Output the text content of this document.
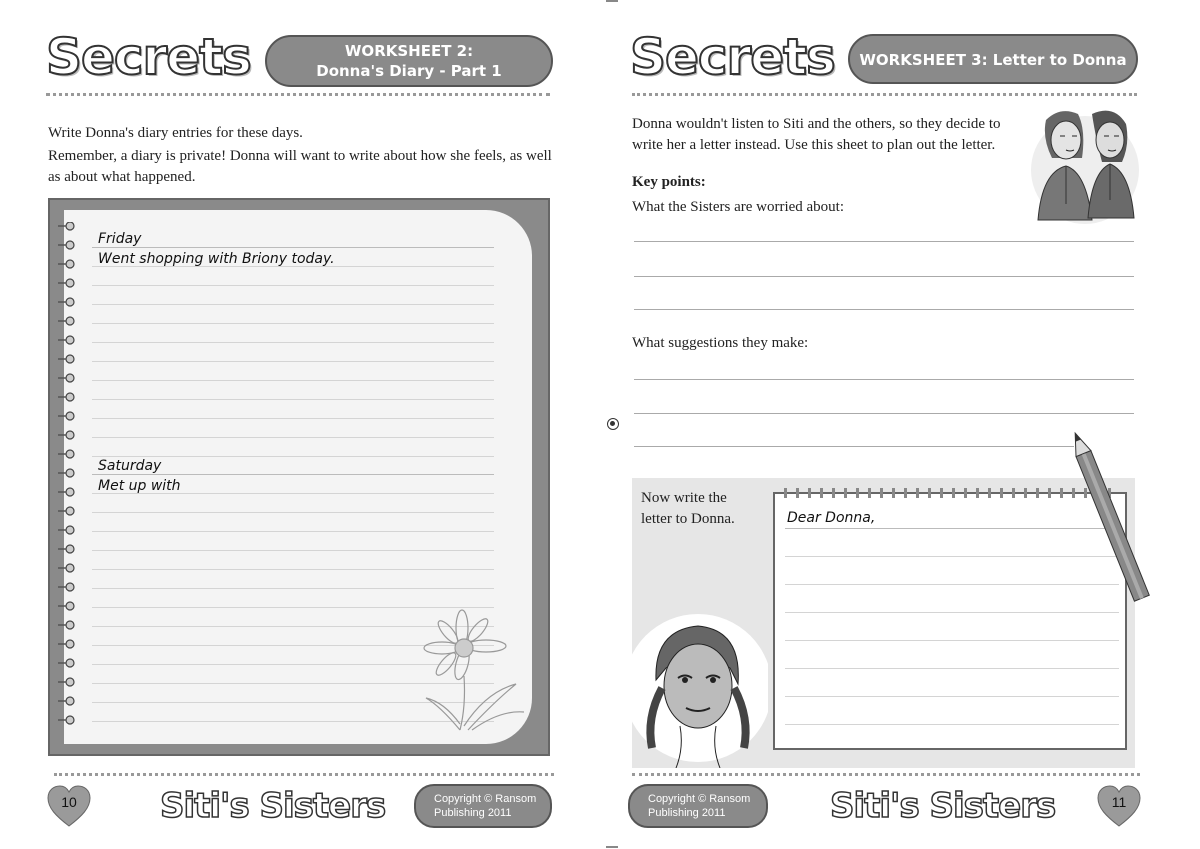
Secrets	WORKSHEET 2:
Donna's Diary - Part 1
Write Donna's diary entries for these days.
Remember, a diary is private! Donna will want to write about how she feels, as well as about what happened.
Friday
Went shopping with Briony today.
Saturday
Met up with
10	Siti's Sisters	Copyright © Ransom
Publishing 2011
Secrets	WORKSHEET 3: Letter to Donna
Donna wouldn't listen to Siti and the others, so they decide to write her a letter instead. Use this sheet to plan out the letter.
Key points:
What the Sisters are worried about:
What suggestions they make:
Now write the letter to Donna.	Dear Donna,
Copyright © Ransom
Publishing 2011	Siti's Sisters	11
